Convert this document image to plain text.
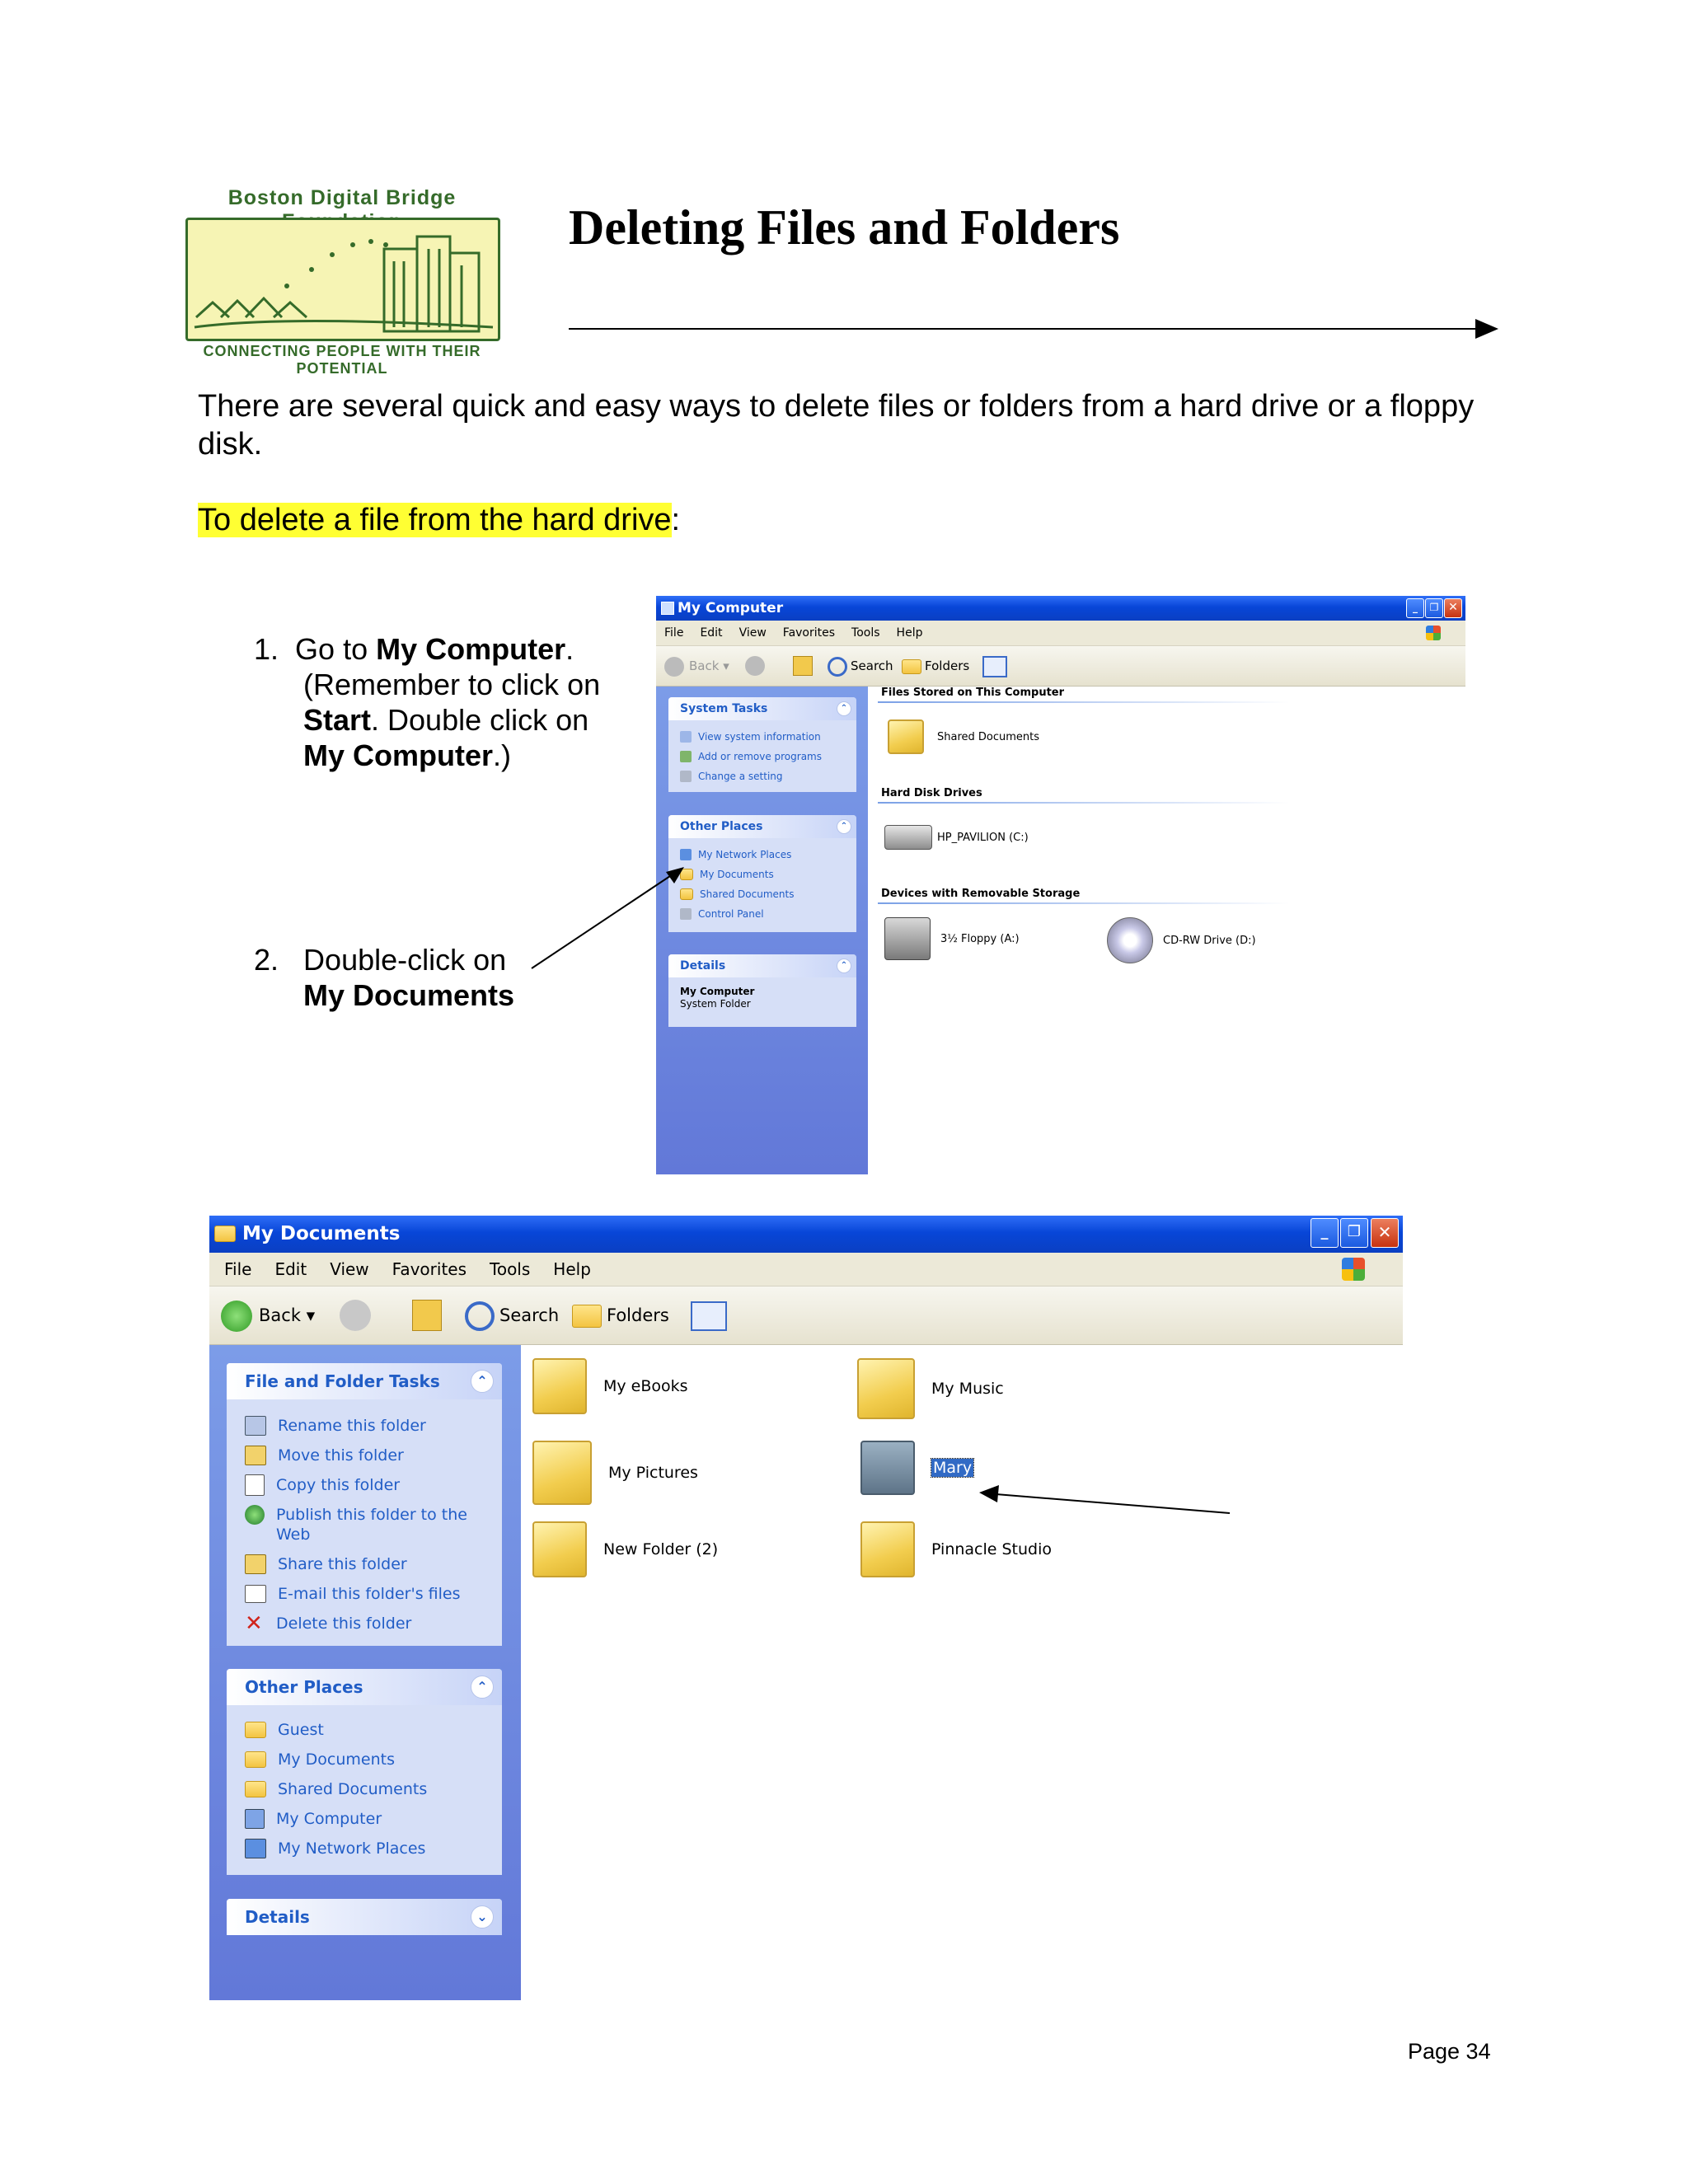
Boston Digital Bridge
CONNECTING PEOPLE WITH THEIR POTENTIAL
Deleting Files and Folders
There are several quick and easy ways to delete files or folders from a hard drive or a floppy disk.
To delete a file from the hard drive:
1. Go to My Computer.
(Remember to click on
Start. Double click on
My Computer.)
2. Double-click on
My Documents

My Computer	_	❐ ✕
File Edit View Favorites Tools Help
Back ▾	Search	Folders
System Tasks	⌃
View system information
Add or remove programs
Change a setting
Other Places	⌃
My Network Places
My Documents
Shared Documents
Control Panel
Details	⌃
My Computer
System Folder
Files Stored on This Computer
Shared Documents
Hard Disk Drives
HP_PAVILION (C:)
Devices with Removable Storage
3½ Floppy (A:)	CD-RW Drive (D:)
My Documents	_	❐	✕
File Edit View Favorites Tools Help
Back ▾	Search	Folders
File and Folder Tasks	⌃
Rename this folder
Move this folder
Copy this folder
Publish this folder to the Web
Share this folder
E-mail this folder's files
✕ Delete this folder
Other Places	⌃
Guest
My Documents
Shared Documents
My Computer
My Network Places
Details	⌄
My eBooks	My Music
My Pictures	Mary
New Folder (2)	Pinnacle Studio
Page 34
